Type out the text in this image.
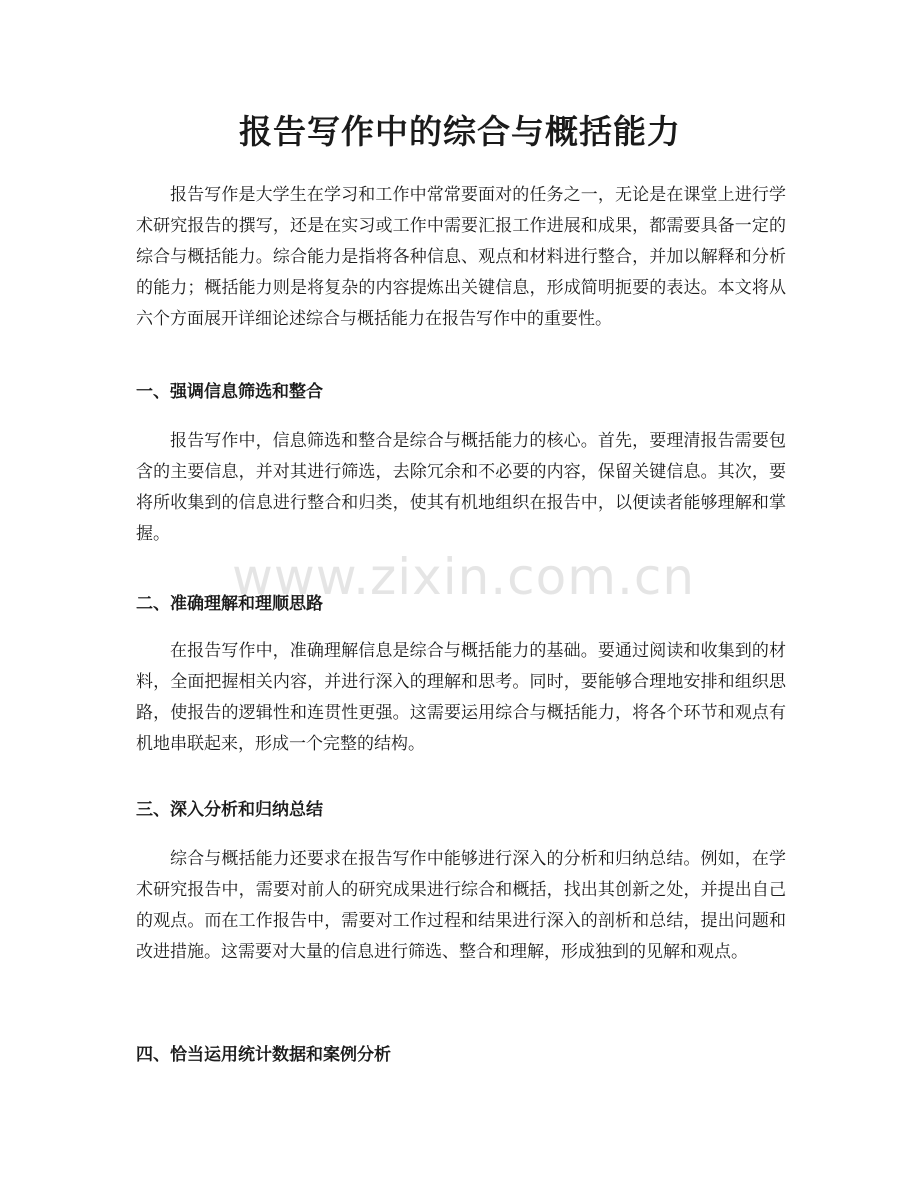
报告写作中的综合与概括能力

报告写作是大学生在学习和工作中常常要面对的任务之一，无论是在课堂上进行学术研究报告的撰写，还是在实习或工作中需要汇报工作进展和成果，都需要具备一定的综合与概括能力。综合能力是指将各种信息、观点和材料进行整合，并加以解释和分析的能力；概括能力则是将复杂的内容提炼出关键信息，形成简明扼要的表达。本文将从六个方面展开详细论述综合与概括能力在报告写作中的重要性。

一、强调信息筛选和整合

报告写作中，信息筛选和整合是综合与概括能力的核心。首先，要理清报告需要包含的主要信息，并对其进行筛选，去除冗余和不必要的内容，保留关键信息。其次，要将所收集到的信息进行整合和归类，使其有机地组织在报告中，以便读者能够理解和掌握。

二、准确理解和理顺思路

在报告写作中，准确理解信息是综合与概括能力的基础。要通过阅读和收集到的材料，全面把握相关内容，并进行深入的理解和思考。同时，要能够合理地安排和组织思路，使报告的逻辑性和连贯性更强。这需要运用综合与概括能力，将各个环节和观点有机地串联起来，形成一个完整的结构。

三、深入分析和归纳总结

综合与概括能力还要求在报告写作中能够进行深入的分析和归纳总结。例如，在学术研究报告中，需要对前人的研究成果进行综合和概括，找出其创新之处，并提出自己的观点。而在工作报告中，需要对工作过程和结果进行深入的剖析和总结，提出问题和改进措施。这需要对大量的信息进行筛选、整合和理解，形成独到的见解和观点。

四、恰当运用统计数据和案例分析
www.zixin.com.cn
